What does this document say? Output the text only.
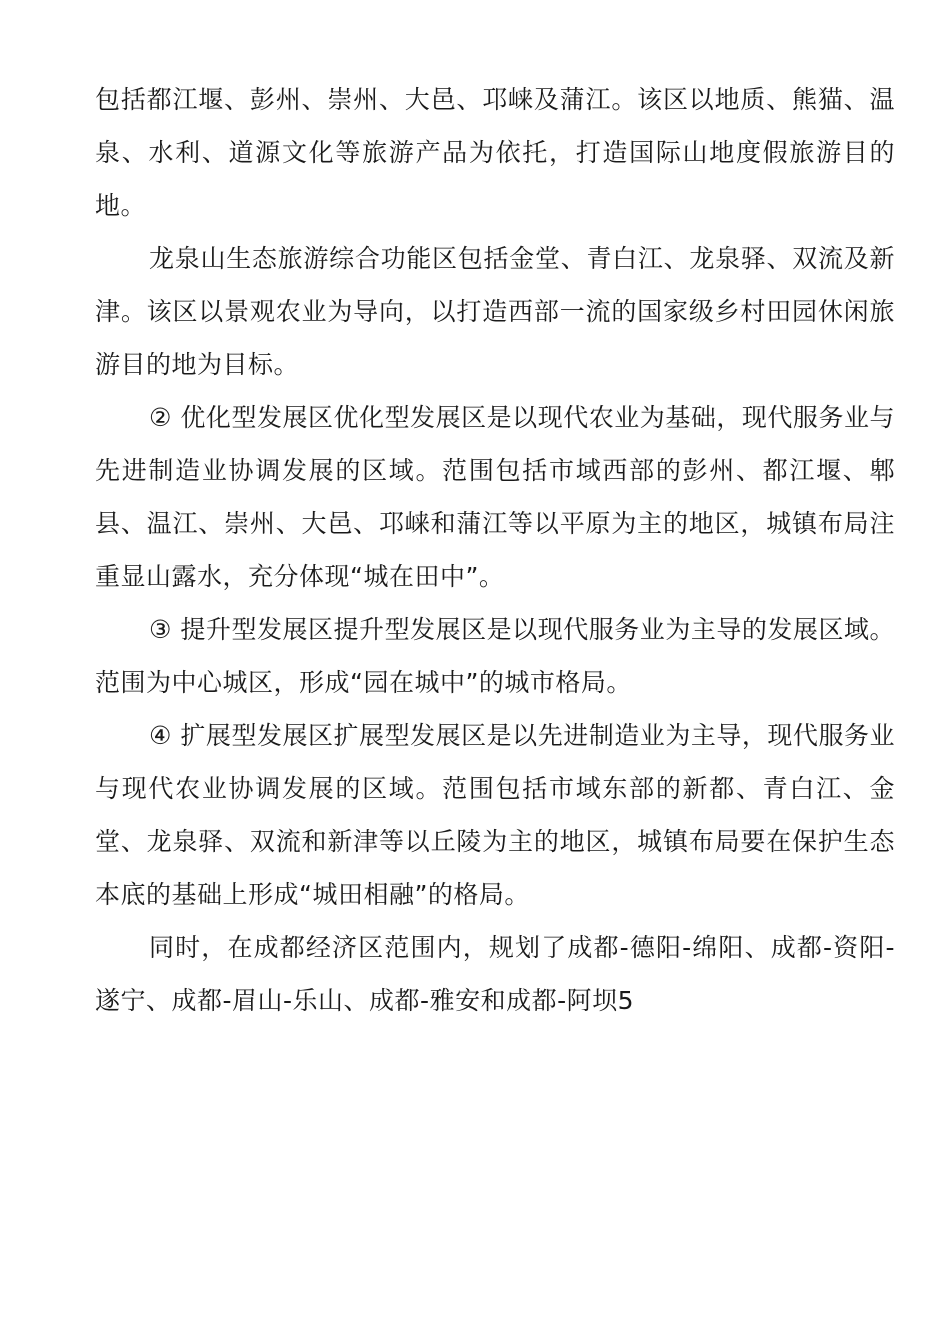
包括都江堰、彭州、崇州、大邑、邛崃及蒲江。该区以地质、熊猫、温泉、水利、道源文化等旅游产品为依托，打造国际山地度假旅游目的地。

龙泉山生态旅游综合功能区包括金堂、青白江、龙泉驿、双流及新津。该区以景观农业为导向，以打造西部一流的国家级乡村田园休闲旅游目的地为目标。

② 优化型发展区优化型发展区是以现代农业为基础，现代服务业与先进制造业协调发展的区域。范围包括市域西部的彭州、都江堰、郫县、温江、崇州、大邑、邛崃和蒲江等以平原为主的地区，城镇布局注重显山露水，充分体现“城在田中”。

③ 提升型发展区提升型发展区是以现代服务业为主导的发展区域。范围为中心城区，形成“园在城中”的城市格局。

④ 扩展型发展区扩展型发展区是以先进制造业为主导，现代服务业与现代农业协调发展的区域。范围包括市域东部的新都、青白江、金堂、龙泉驿、双流和新津等以丘陵为主的地区，城镇布局要在保护生态本底的基础上形成“城田相融”的格局。

同时，在成都经济区范围内，规划了成都-德阳-绵阳、成都-资阳-遂宁、成都-眉山-乐山、成都-雅安和成都-阿坝5
